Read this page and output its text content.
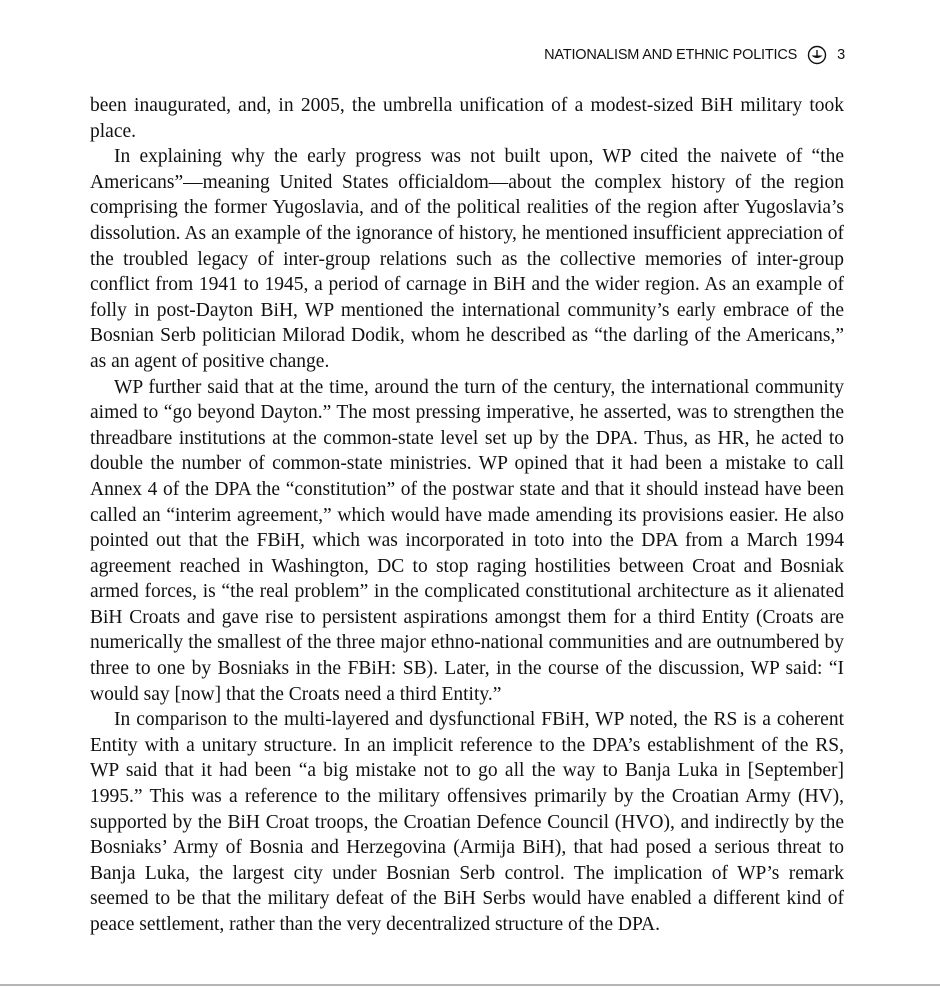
NATIONALISM AND ETHNIC POLITICS	3

been inaugurated, and, in 2005, the umbrella unification of a modest-sized BiH military took place.

In explaining why the early progress was not built upon, WP cited the naivete of “the Americans”—meaning United States officialdom—about the complex history of the region comprising the former Yugoslavia, and of the political realities of the region after Yugoslavia’s dissolution. As an example of the ignorance of history, he mentioned insufficient appreciation of the troubled legacy of inter-group relations such as the collective memories of inter-group conflict from 1941 to 1945, a period of carnage in BiH and the wider region. As an example of folly in post-Dayton BiH, WP mentioned the international community’s early embrace of the Bosnian Serb politician Milorad Dodik, whom he described as “the darling of the Americans,” as an agent of positive change.

WP further said that at the time, around the turn of the century, the international community aimed to “go beyond Dayton.” The most pressing imperative, he asserted, was to strengthen the threadbare institutions at the common-state level set up by the DPA. Thus, as HR, he acted to double the number of common-state ministries. WP opined that it had been a mistake to call Annex 4 of the DPA the “constitution” of the postwar state and that it should instead have been called an “interim agreement,” which would have made amending its provisions easier. He also pointed out that the FBiH, which was incorporated in toto into the DPA from a March 1994 agreement reached in Washington, DC to stop raging hostilities between Croat and Bosniak armed forces, is “the real problem” in the complicated constitutional architecture as it alienated BiH Croats and gave rise to persistent aspirations amongst them for a third Entity (Croats are numerically the smallest of the three major ethno-national communities and are outnumbered by three to one by Bosniaks in the FBiH: SB). Later, in the course of the discussion, WP said: “I would say [now] that the Croats need a third Entity.”

In comparison to the multi-layered and dysfunctional FBiH, WP noted, the RS is a coherent Entity with a unitary structure. In an implicit reference to the DPA’s establishment of the RS, WP said that it had been “a big mistake not to go all the way to Banja Luka in [September] 1995.” This was a reference to the military offensives primarily by the Croatian Army (HV), supported by the BiH Croat troops, the Croatian Defence Council (HVO), and indirectly by the Bosniaks’ Army of Bosnia and Herzegovina (Armija BiH), that had posed a serious threat to Banja Luka, the largest city under Bosnian Serb control. The implication of WP’s remark seemed to be that the military defeat of the BiH Serbs would have enabled a different kind of peace settlement, rather than the very decentralized structure of the DPA.
